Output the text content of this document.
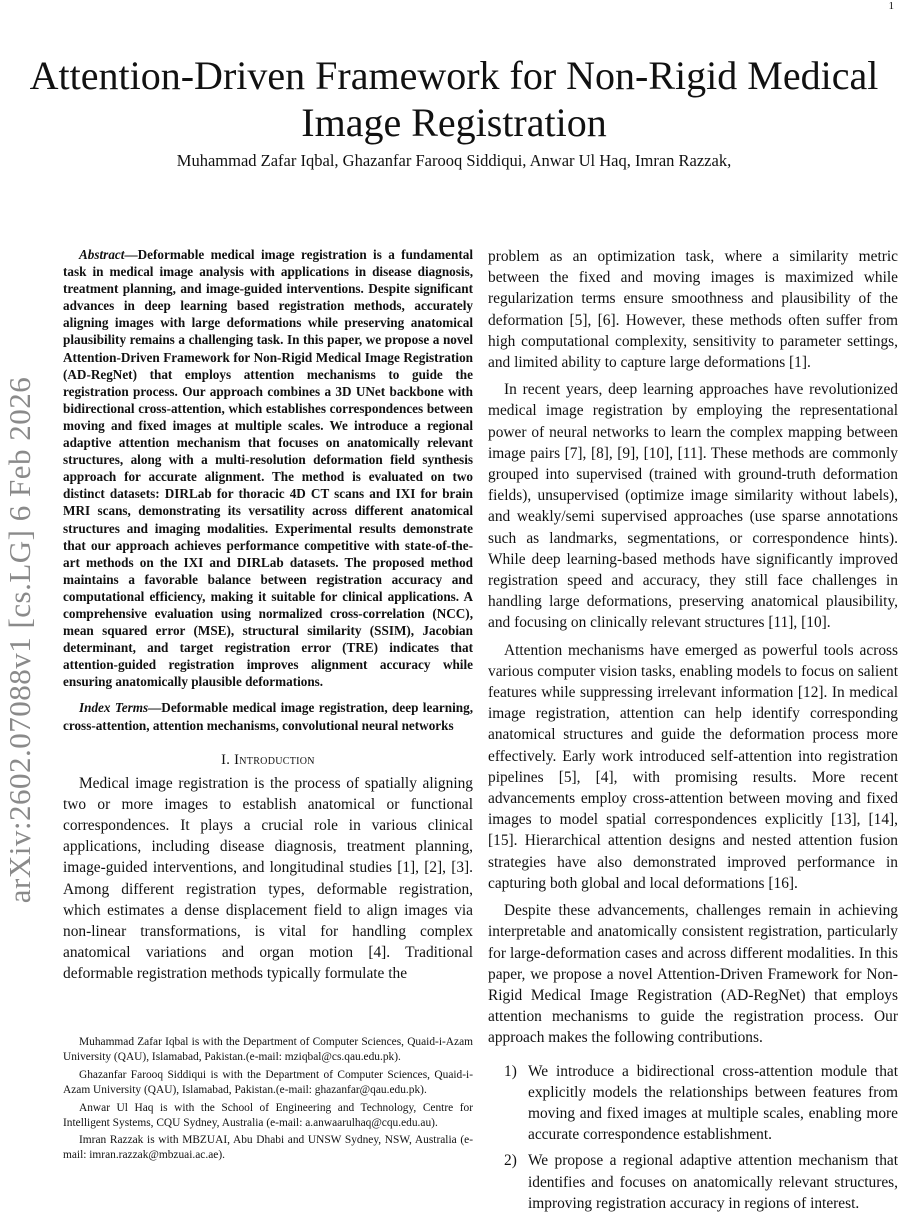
1
arXiv:2602.07088v1 [cs.LG] 6 Feb 2026
Attention-Driven Framework for Non-Rigid Medical Image Registration
Muhammad Zafar Iqbal, Ghazanfar Farooq Siddiqui, Anwar Ul Haq, Imran Razzak,

Abstract—Deformable medical image registration is a fundamental task in medical image analysis with applications in disease diagnosis, treatment planning, and image-guided interventions. Despite significant advances in deep learning based registration methods, accurately aligning images with large deformations while preserving anatomical plausibility remains a challenging task. In this paper, we propose a novel Attention-Driven Framework for Non-Rigid Medical Image Registration (AD-RegNet) that employs attention mechanisms to guide the registration process. Our approach combines a 3D UNet backbone with bidirectional cross-attention, which establishes correspondences between moving and fixed images at multiple scales. We introduce a regional adaptive attention mechanism that focuses on anatomically relevant structures, along with a multi-resolution deformation field synthesis approach for accurate alignment. The method is evaluated on two distinct datasets: DIRLab for thoracic 4D CT scans and IXI for brain MRI scans, demonstrating its versatility across different anatomical structures and imaging modalities. Experimental results demonstrate that our approach achieves performance competitive with state-of-the-art methods on the IXI and DIRLab datasets. The proposed method maintains a favorable balance between registration accuracy and computational efficiency, making it suitable for clinical applications. A comprehensive evaluation using normalized cross-correlation (NCC), mean squared error (MSE), structural similarity (SSIM), Jacobian determinant, and target registration error (TRE) indicates that attention-guided registration improves alignment accuracy while ensuring anatomically plausible deformations.

Index Terms—Deformable medical image registration, deep learning, cross-attention, attention mechanisms, convolutional neural networks

I. Introduction

Medical image registration is the process of spatially aligning two or more images to establish anatomical or functional correspondences. It plays a crucial role in various clinical applications, including disease diagnosis, treatment planning, image-guided interventions, and longitudinal studies [1], [2], [3]. Among different registration types, deformable registration, which estimates a dense displacement field to align images via non-linear transformations, is vital for handling complex anatomical variations and organ motion [4]. Traditional deformable registration methods typically formulate the

Muhammad Zafar Iqbal is with the Department of Computer Sciences, Quaid-i-Azam University (QAU), Islamabad, Pakistan.(e-mail: mziqbal@cs.qau.edu.pk).

Ghazanfar Farooq Siddiqui is with the Department of Computer Sciences, Quaid-i-Azam University (QAU), Islamabad, Pakistan.(e-mail: ghazanfar@qau.edu.pk).

Anwar Ul Haq is with the School of Engineering and Technology, Centre for Intelligent Systems, CQU Sydney, Australia (e-mail: a.anwaarulhaq@cqu.edu.au).

Imran Razzak is with MBZUAI, Abu Dhabi and UNSW Sydney, NSW, Australia (e-mail: imran.razzak@mbzuai.ac.ae).

problem as an optimization task, where a similarity metric between the fixed and moving images is maximized while regularization terms ensure smoothness and plausibility of the deformation [5], [6]. However, these methods often suffer from high computational complexity, sensitivity to parameter settings, and limited ability to capture large deformations [1].

In recent years, deep learning approaches have revolutionized medical image registration by employing the representational power of neural networks to learn the complex mapping between image pairs [7], [8], [9], [10], [11]. These methods are commonly grouped into supervised (trained with ground-truth deformation fields), unsupervised (optimize image similarity without labels), and weakly/semi supervised approaches (use sparse annotations such as landmarks, segmentations, or correspondence hints). While deep learning-based methods have significantly improved registration speed and accuracy, they still face challenges in handling large deformations, preserving anatomical plausibility, and focusing on clinically relevant structures [11], [10].

Attention mechanisms have emerged as powerful tools across various computer vision tasks, enabling models to focus on salient features while suppressing irrelevant information [12]. In medical image registration, attention can help identify corresponding anatomical structures and guide the deformation process more effectively. Early work introduced self-attention into registration pipelines [5], [4], with promising results. More recent advancements employ cross-attention between moving and fixed images to model spatial correspondences explicitly [13], [14], [15]. Hierarchical attention designs and nested attention fusion strategies have also demonstrated improved performance in capturing both global and local deformations [16].

Despite these advancements, challenges remain in achieving interpretable and anatomically consistent registration, particularly for large-deformation cases and across different modalities. In this paper, we propose a novel Attention-Driven Framework for Non-Rigid Medical Image Registration (AD-RegNet) that employs attention mechanisms to guide the registration process. Our approach makes the following contributions.

1) We introduce a bidirectional cross-attention module that explicitly models the relationships between features from moving and fixed images at multiple scales, enabling more accurate correspondence establishment.
2) We propose a regional adaptive attention mechanism that identifies and focuses on anatomically relevant structures, improving registration accuracy in regions of interest.
